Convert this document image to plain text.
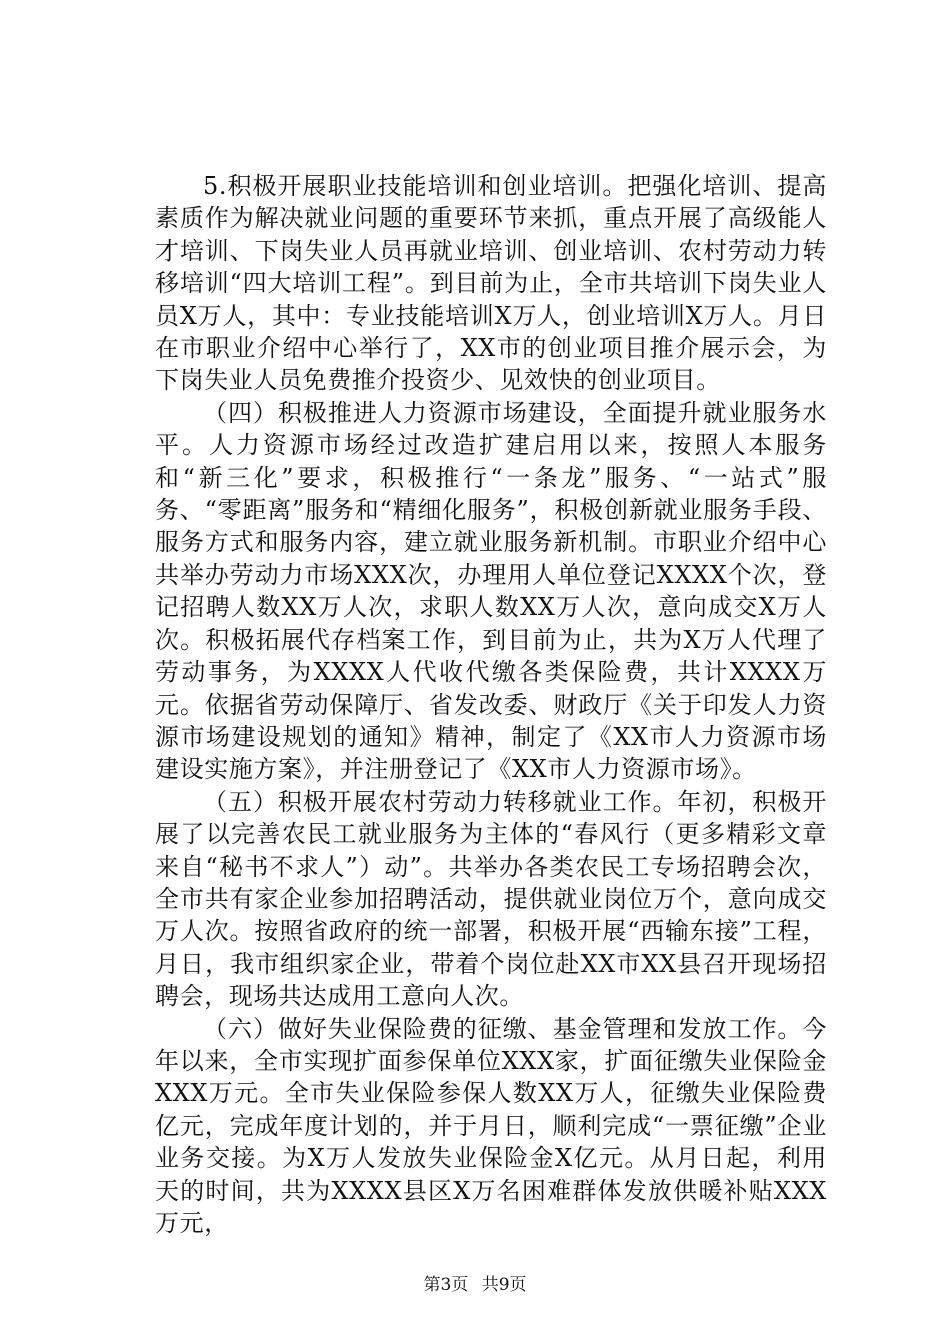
5.积极开展职业技能培训和创业培训。把强化培训、提高素质作为解决就业问题的重要环节来抓，重点开展了高级能人才培训、下岗失业人员再就业培训、创业培训、农村劳动力转移培训“四大培训工程”。到目前为止，全市共培训下岗失业人员X万人，其中：专业技能培训X万人，创业培训X万人。月日在市职业介绍中心举行了，XX市的创业项目推介展示会，为下岗失业人员免费推介投资少、见效快的创业项目。

（四）积极推进人力资源市场建设，全面提升就业服务水平。人力资源市场经过改造扩建启用以来，按照人本服务和“新三化”要求，积极推行“一条龙”服务、“一站式”服务、“零距离”服务和“精细化服务”，积极创新就业服务手段、服务方式和服务内容，建立就业服务新机制。市职业介绍中心共举办劳动力市场XXX次，办理用人单位登记XXXX个次，登记招聘人数XX万人次，求职人数XX万人次，意向成交X万人次。积极拓展代存档案工作，到目前为止，共为X万人代理了劳动事务，为XXXX人代收代缴各类保险费，共计XXXX万元。依据省劳动保障厅、省发改委、财政厅《关于印发人力资源市场建设规划的通知》精神，制定了《XX市人力资源市场建设实施方案》，并注册登记了《XX市人力资源市场》。

（五）积极开展农村劳动力转移就业工作。年初，积极开展了以完善农民工就业服务为主体的“春风行（更多精彩文章来自“秘书不求人”）动”。共举办各类农民工专场招聘会次，全市共有家企业参加招聘活动，提供就业岗位万个，意向成交万人次。按照省政府的统一部署，积极开展“西输东接”工程，月日，我市组织家企业，带着个岗位赴XX市XX县召开现场招聘会，现场共达成用工意向人次。

（六）做好失业保险费的征缴、基金管理和发放工作。今年以来，全市实现扩面参保单位XXX家，扩面征缴失业保险金XXX万元。全市失业保险参保人数XX万人，征缴失业保险费亿元，完成年度计划的，并于月日，顺利完成“一票征缴”企业业务交接。为X万人发放失业保险金X亿元。从月日起，利用天的时间，共为XXXX县区X万名困难群体发放供暖补贴XXX万元，

第3页 共9页
